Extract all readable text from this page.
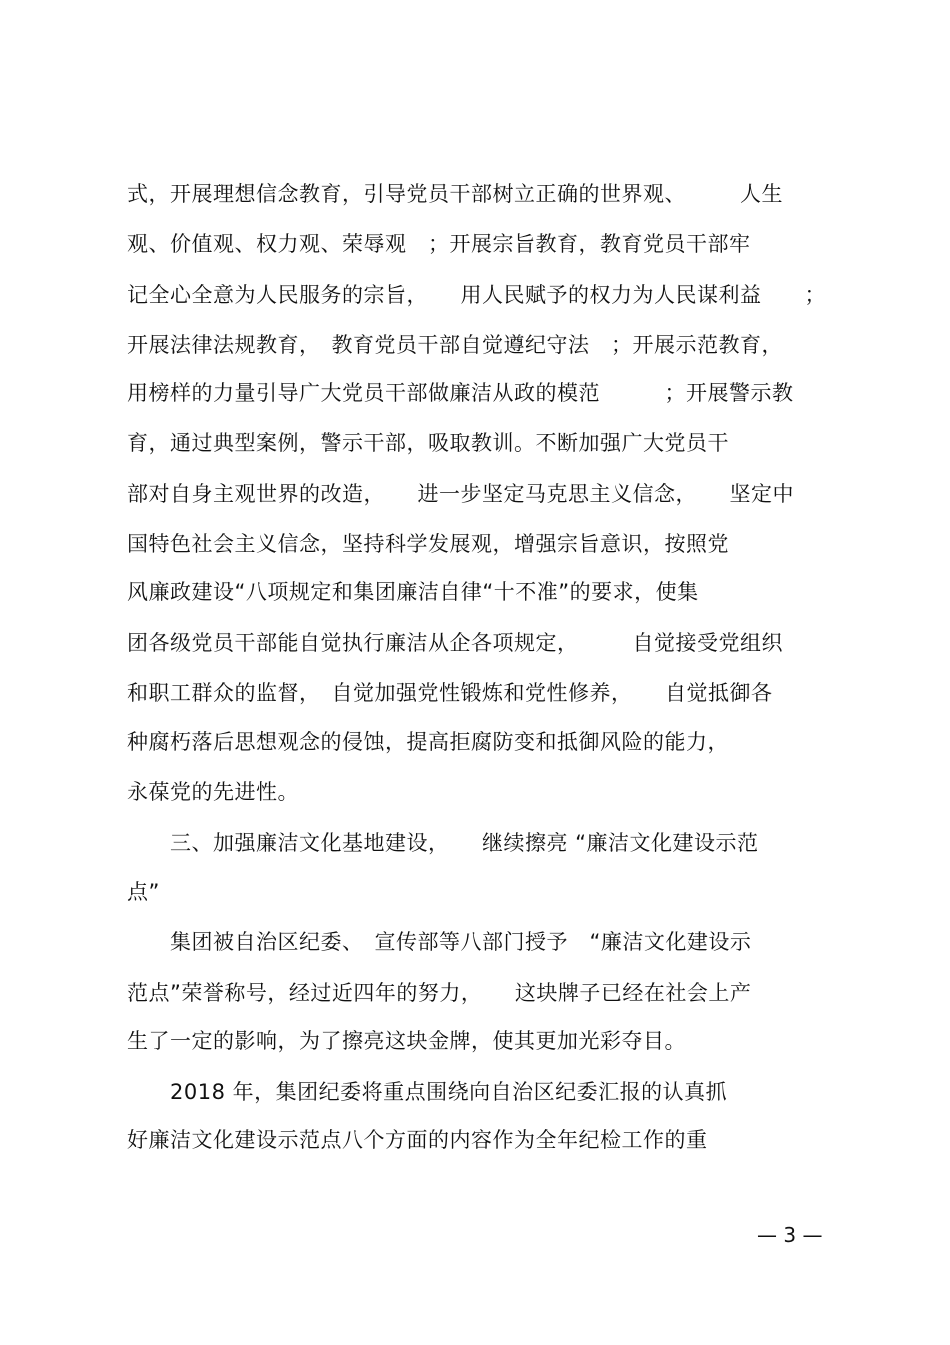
式，开展理想信念教育，引导党员干部树立正确的世界观、　　　人生
观、价值观、权力观、荣辱观　；开展宗旨教育，教育党员干部牢
记全心全意为人民服务的宗旨，　　用人民赋予的权力为人民谋利益　　；
开展法律法规教育，　教育党员干部自觉遵纪守法　；开展示范教育，
用榜样的力量引导广大党员干部做廉洁从政的模范　　　；开展警示教
育，通过典型案例，警示干部，吸取教训。不断加强广大党员干
部对自身主观世界的改造，　　进一步坚定马克思主义信念，　　坚定中
国特色社会主义信念，坚持科学发展观，增强宗旨意识，按照党
风廉政建设“八项规定和集团廉洁自律“十不准”的要求，使集
团各级党员干部能自觉执行廉洁从企各项规定，　　　自觉接受党组织
和职工群众的监督，　自觉加强党性锻炼和党性修养，　　自觉抵御各
种腐朽落后思想观念的侵蚀，提高拒腐防变和抵御风险的能力，
永葆党的先进性。
　　三、加强廉洁文化基地建设，　　继续擦亮 “廉洁文化建设示范
点”
　　集团被自治区纪委、　宣传部等八部门授予　“廉洁文化建设示
范点”荣誉称号，经过近四年的努力，　　这块牌子已经在社会上产
生了一定的影响，为了擦亮这块金牌，使其更加光彩夺目。
　　2018 年，集团纪委将重点围绕向自治区纪委汇报的认真抓
好廉洁文化建设示范点八个方面的内容作为全年纪检工作的重
— 3 —
